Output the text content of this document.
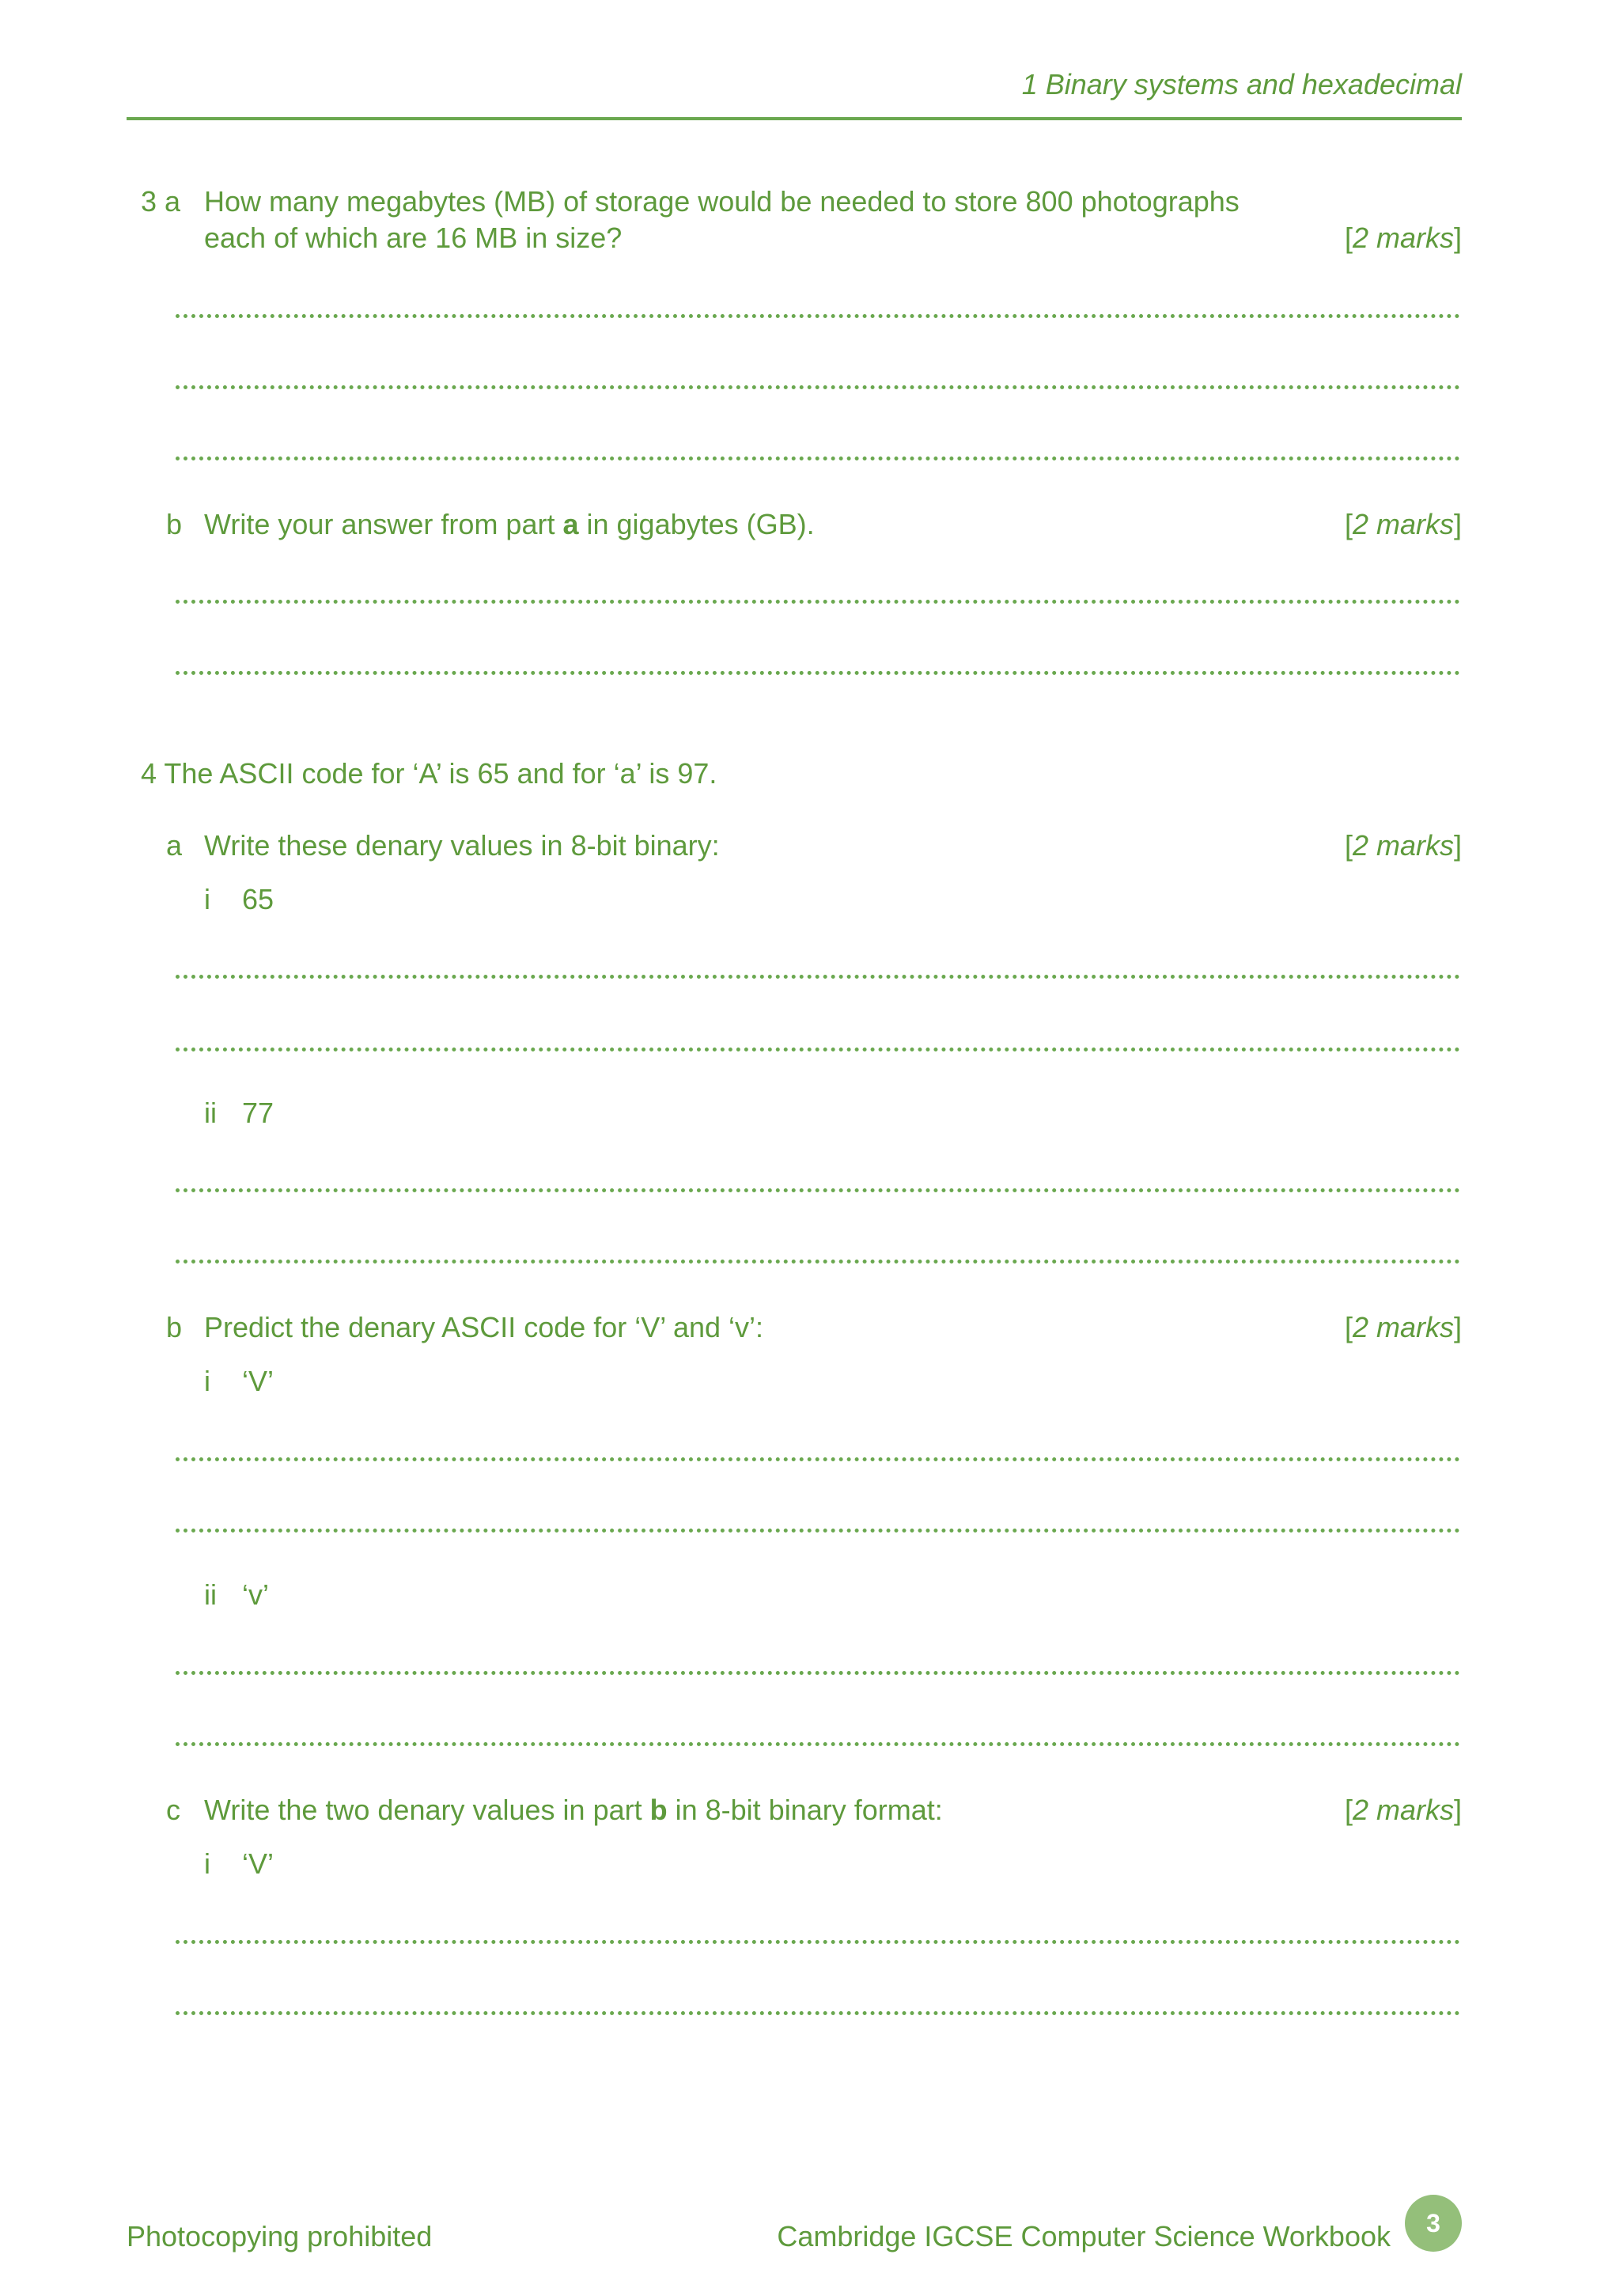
1 Binary systems and hexadecimal
3 a How many megabytes (MB) of storage would be needed to store 800 photographs
each of which are 16 MB in size?	[2 marks]
b Write your answer from part a in gigabytes (GB).	[2 marks]
4 The ASCII code for ‘A’ is 65 and for ‘a’ is 97.
a Write these denary values in 8-bit binary:	[2 marks]
i 65
ii 77
b Predict the denary ASCII code for ‘V’ and ‘v’:	[2 marks]
i ‘V’
ii ‘v’
c Write the two denary values in part b in 8-bit binary format:	[2 marks]
i ‘V’
Photocopying prohibited	Cambridge IGCSE Computer Science Workbook	3
